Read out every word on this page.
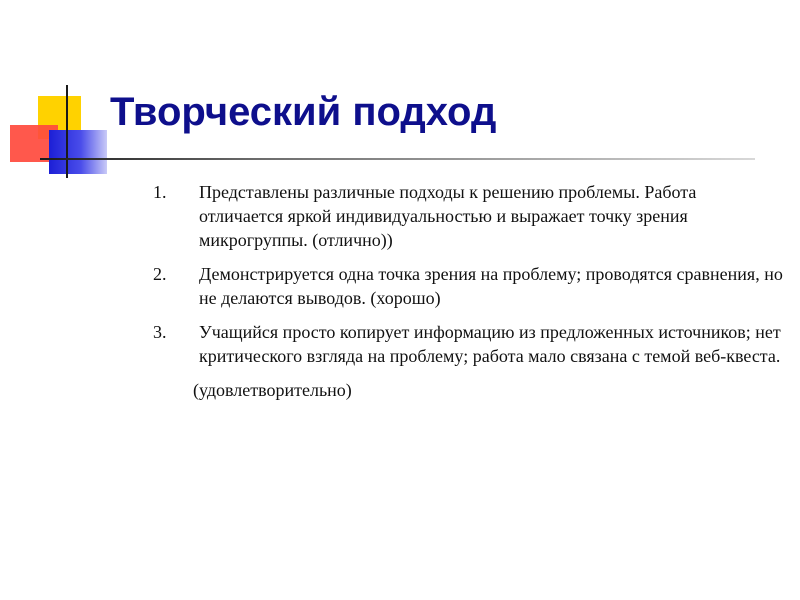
Творческий подход
1.	Представлены различные подходы к решению проблемы. Работа отличается яркой индивидуальностью и выражает точку зрения микрогруппы. (отлично))
2.	Демонстрируется одна точка зрения на проблему; проводятся сравнения, но не делаются выводов. (хорошо)
3.	Учащийся просто копирует информацию из предложенных источников; нет критического взгляда на проблему; работа мало связана с темой веб-квеста.
(удовлетворительно)
